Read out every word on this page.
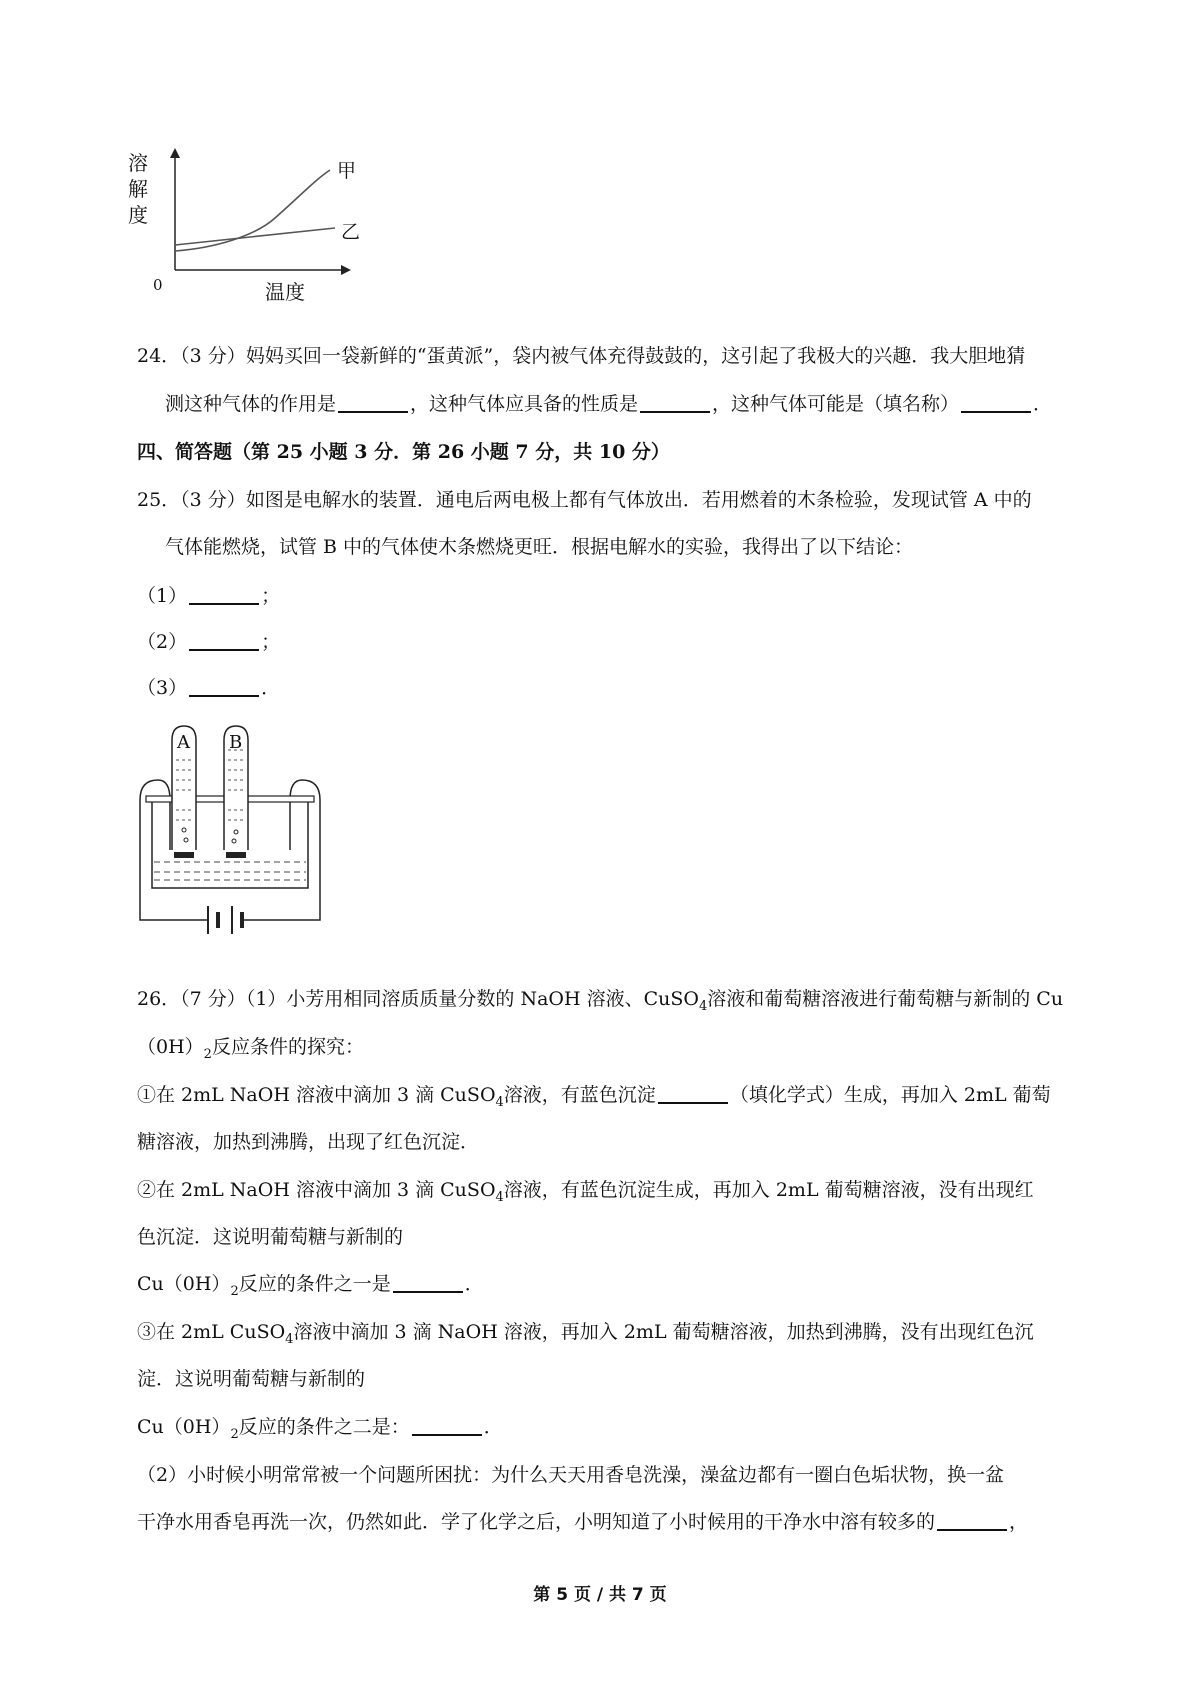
甲
乙
0
溶解度
温度
24．（3 分）妈妈买回一袋新鲜的“蛋黄派”，袋内被气体充得鼓鼓的，这引起了我极大的兴趣．我大胆地猜
测这种气体的作用是	，这种气体应具备的性质是	，这种气体可能是（填名称）	．
四、简答题（第 25 小题 3 分．第 26 小题 7 分，共 10 分）
25．（3 分）如图是电解水的装置．通电后两电极上都有气体放出．若用燃着的木条检验，发现试管 A 中的
气体能燃烧，试管 B 中的气体使木条燃烧更旺．根据电解水的实验，我得出了以下结论：
（1）	；
（2）	；
（3）	．
A B
26．（7 分）（1）小芳用相同溶质质量分数的 NaOH 溶液、CuSO$_4$溶液和葡萄糖溶液进行葡萄糖与新制的 Cu
$(0H)_2$反应条件的探究：
①在 2mL NaOH 溶液中滴加 3 滴 CuSO$_4$溶液，有蓝色沉淀	（填化学式）生成，再加入 2mL 葡萄
糖溶液，加热到沸腾，出现了红色沉淀．
②在 2mL NaOH 溶液中滴加 3 滴 CuSO$_4$溶液，有蓝色沉淀生成，再加入 2mL 葡萄糖溶液，没有出现红
色沉淀．这说明葡萄糖与新制的
$Cu(0H)_2$反应的条件之一是	．
③在 2mL CuSO$_4$溶液中滴加 3 滴 NaOH 溶液，再加入 2mL 葡萄糖溶液，加热到沸腾，没有出现红色沉
淀．这说明葡萄糖与新制的
$Cu(0H)_2$反应的条件之二是：	．
（2）小时候小明常常被一个问题所困扰：为什么天天用香皂洗澡，澡盆边都有一圈白色垢状物，换一盆
干净水用香皂再洗一次，仍然如此．学了化学之后，小明知道了小时候用的干净水中溶有较多的	，
第 5 页 / 共 7 页
